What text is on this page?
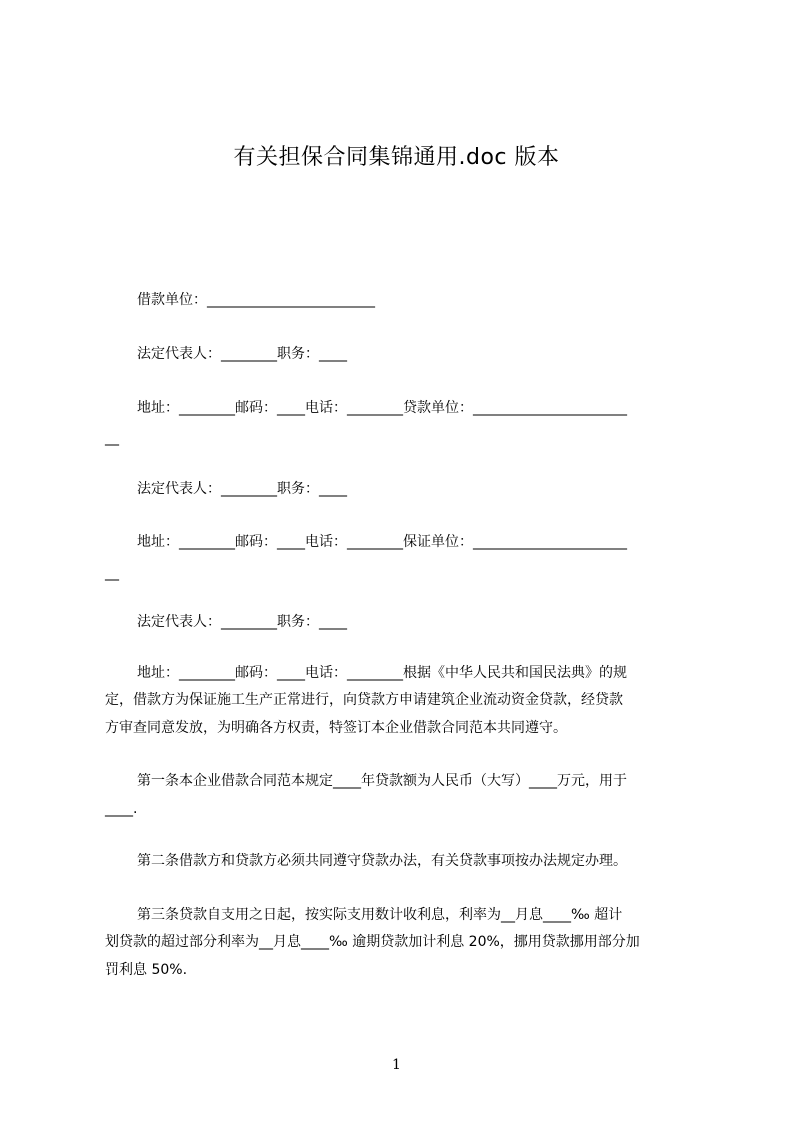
有关担保合同集锦通用.doc 版本
借款单位：________________________
法定代表人：________职务：____
地址：________邮码：____电话：________贷款单位：______________________
__
法定代表人：________职务：____
地址：________邮码：____电话：________保证单位：______________________
__
法定代表人：________职务：____
地址：________邮码：____电话：________根据《中华人民共和国民法典》的规
定，借款方为保证施工生产正常进行，向贷款方申请建筑企业流动资金贷款，经贷款
方审查同意发放，为明确各方权责，特签订本企业借款合同范本共同遵守。
第一条本企业借款合同范本规定____年贷款额为人民币（大写）____万元，用于
____.
第二条借款方和贷款方必须共同遵守贷款办法，有关贷款事项按办法规定办理。
第三条贷款自支用之日起，按实际支用数计收利息，利率为__月息____‰ 超计
划贷款的超过部分利率为__月息____‰ 逾期贷款加计利息 20%，挪用贷款挪用部分加
罚利息 50%.
1
